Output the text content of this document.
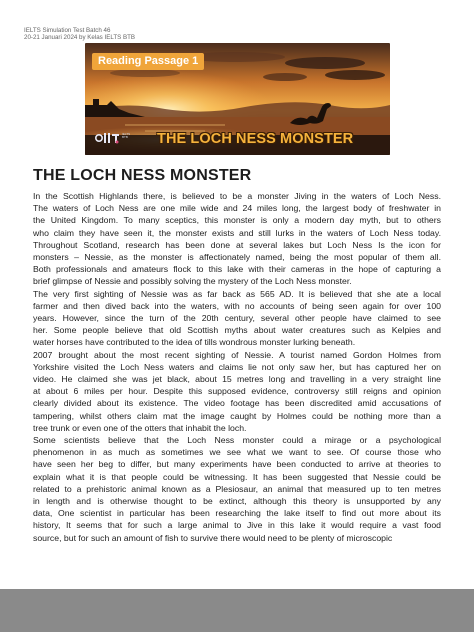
IELTS Simulation Test Batch 46
20-21 Januari 2024 by Kelas IELTS BTB
Reading Passage 1
IELTS BTB	THE LOCH NESS MONSTER
THE LOCH NESS MONSTER

In the Scottish Highlands there, is believed to be a monster Jiving in the waters of Loch Ness.

The waters of Loch Ness are one mile wide and 24 miles long, the largest body of freshwater in

the United Kingdom. To many sceptics, this monster is only a modern day myth, but to others

who claim they have seen it, the monster exists and still lurks in the waters of Loch Ness today.

Throughout Scotland, research has been done at several lakes but Loch Ness Is the icon for

monsters – Nessie, as the monster is affectionately named, being the most popular of them all.

Both professionals and amateurs flock to this lake with their cameras in the hope of capturing a

brief glimpse of Nessie and possibly solving the mystery of the Loch Ness monster.

The very first sighting of Nessie was as far back as 565 AD. It is believed that she ate a local

farmer and then dived back into the waters, with no accounts of being seen again for over 100

years. However, since the turn of the 20th century, several other people have claimed to see

her. Some people believe that old Scottish myths about water creatures such as Kelpies and

water horses have contributed to the idea of tills wondrous monster lurking beneath.

2007 brought about the most recent sighting of Nessie. A tourist named Gordon Holmes from

Yorkshire visited the Loch Ness waters and claims lie not only saw her, but has captured her on

video. He claimed she was jet black, about 15 metres long and travelling in a very straight line

at about 6 miles per hour. Despite this supposed evidence, controversy still reigns and opinion

clearly divided about its existence. The video footage has been discredited amid accusations of

tampering, whilst others claim mat the image caught by Holmes could be nothing more than a

tree trunk or even one of the otters that inhabit the loch.

Some scientists believe that the Loch Ness monster could a mirage or a psychological

phenomenon in as much as sometimes we see what we want to see. Of course those who

have seen her beg to differ, but many experiments have been conducted to arrive at theories to

explain what it is that people could be witnessing. It has been suggested that Nessie could be

related to a prehistoric animal known as a Plesiosaur, an animal that measured up to ten metres

in length and is otherwise thought to be extinct, although this theory is unsupported by any

data, One scientist in particular has been researching the lake itself to find out more about its

history, It seems that for such a large animal to Jive in this lake it would require a vast food

source, but for such an amount of fish to survive there would need to be plenty of microscopic
